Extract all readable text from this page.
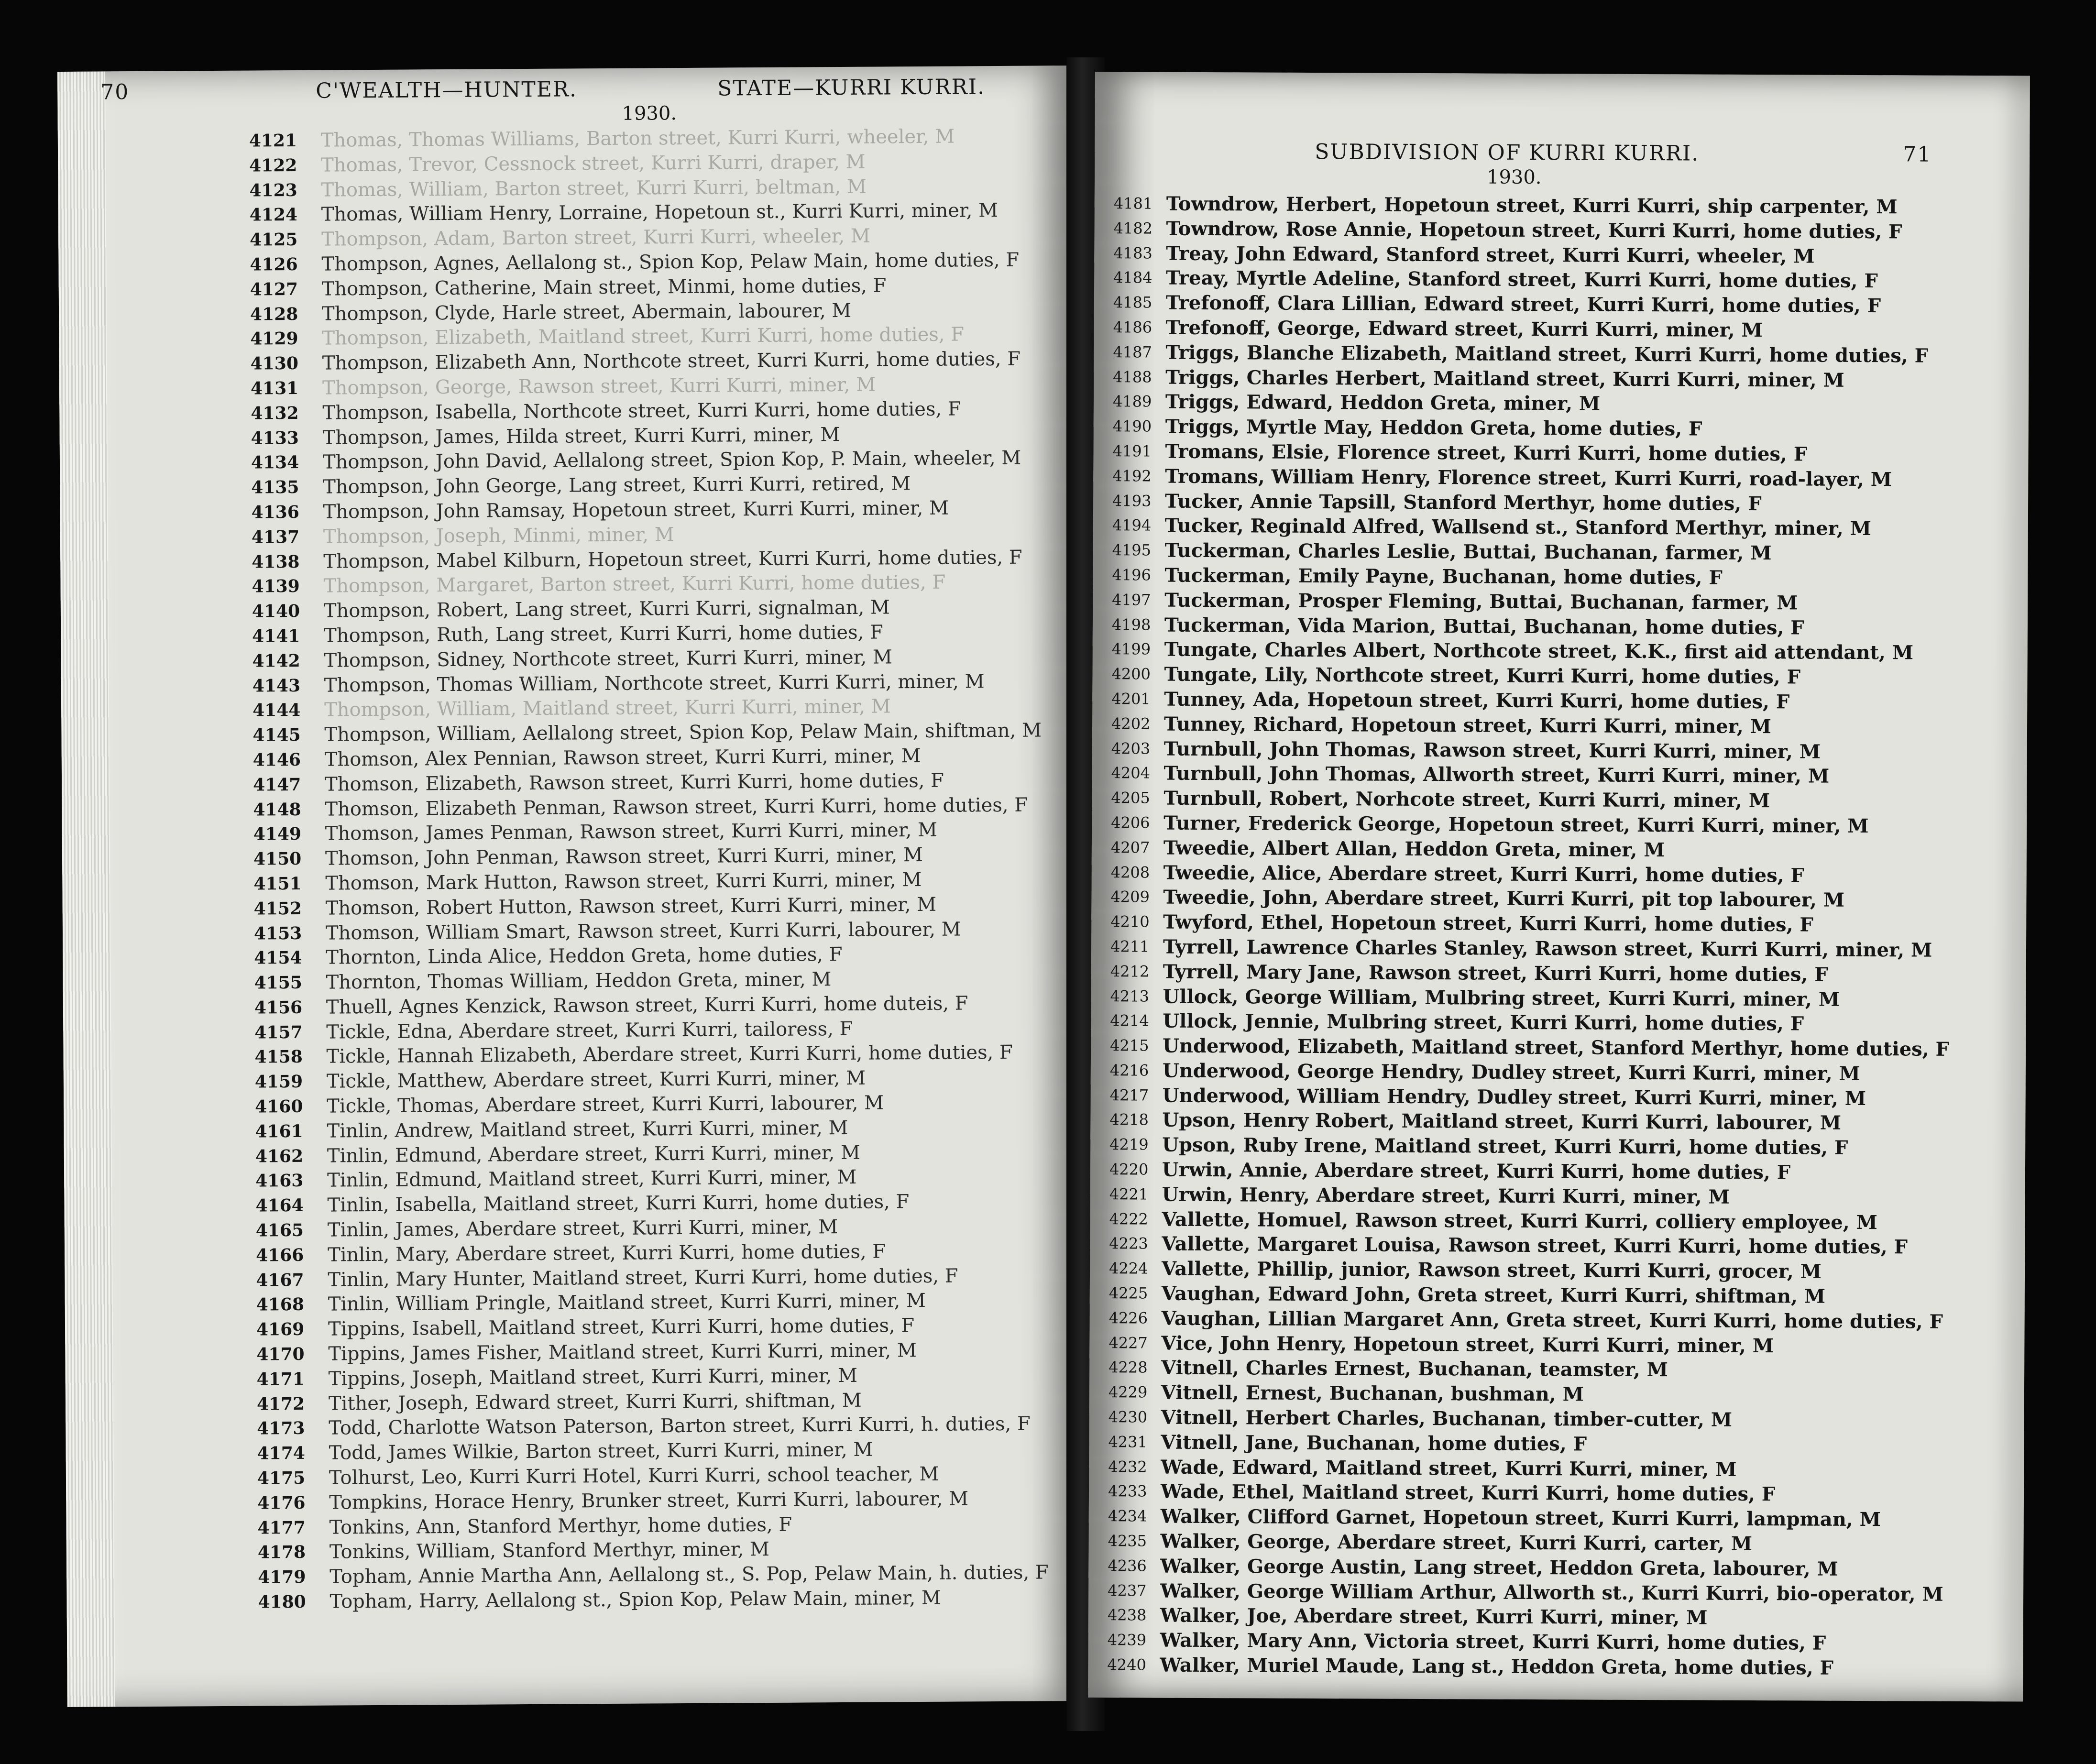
70	C'WEALTH—HUNTER.	STATE—KURRI KURRI.
1930.
4121	Thomas, Thomas Williams, Barton street, Kurri Kurri, wheeler, M
4122	Thomas, Trevor, Cessnock street, Kurri Kurri, draper, M
4123	Thomas, William, Barton street, Kurri Kurri, beltman, M
4124	Thomas, William Henry, Lorraine, Hopetoun st., Kurri Kurri, miner, M
4125	Thompson, Adam, Barton street, Kurri Kurri, wheeler, M
4126	Thompson, Agnes, Aellalong st., Spion Kop, Pelaw Main, home duties, F
4127	Thompson, Catherine, Main street, Minmi, home duties, F
4128	Thompson, Clyde, Harle street, Abermain, labourer, M
4129	Thompson, Elizabeth, Maitland street, Kurri Kurri, home duties, F
4130	Thompson, Elizabeth Ann, Northcote street, Kurri Kurri, home duties, F
4131	Thompson, George, Rawson street, Kurri Kurri, miner, M
4132	Thompson, Isabella, Northcote street, Kurri Kurri, home duties, F
4133	Thompson, James, Hilda street, Kurri Kurri, miner, M
4134	Thompson, John David, Aellalong street, Spion Kop, P. Main, wheeler, M
4135	Thompson, John George, Lang street, Kurri Kurri, retired, M
4136	Thompson, John Ramsay, Hopetoun street, Kurri Kurri, miner, M
4137	Thompson, Joseph, Minmi, miner, M
4138	Thompson, Mabel Kilburn, Hopetoun street, Kurri Kurri, home duties, F
4139	Thompson, Margaret, Barton street, Kurri Kurri, home duties, F
4140	Thompson, Robert, Lang street, Kurri Kurri, signalman, M
4141	Thompson, Ruth, Lang street, Kurri Kurri, home duties, F
4142	Thompson, Sidney, Northcote street, Kurri Kurri, miner, M
4143	Thompson, Thomas William, Northcote street, Kurri Kurri, miner, M
4144	Thompson, William, Maitland street, Kurri Kurri, miner, M
4145	Thompson, William, Aellalong street, Spion Kop, Pelaw Main, shiftman, M
4146	Thomson, Alex Pennian, Rawson street, Kurri Kurri, miner, M
4147	Thomson, Elizabeth, Rawson street, Kurri Kurri, home duties, F
4148	Thomson, Elizabeth Penman, Rawson street, Kurri Kurri, home duties, F
4149	Thomson, James Penman, Rawson street, Kurri Kurri, miner, M
4150	Thomson, John Penman, Rawson street, Kurri Kurri, miner, M
4151	Thomson, Mark Hutton, Rawson street, Kurri Kurri, miner, M
4152	Thomson, Robert Hutton, Rawson street, Kurri Kurri, miner, M
4153	Thomson, William Smart, Rawson street, Kurri Kurri, labourer, M
4154	Thornton, Linda Alice, Heddon Greta, home duties, F
4155	Thornton, Thomas William, Heddon Greta, miner, M
4156	Thuell, Agnes Kenzick, Rawson street, Kurri Kurri, home duteis, F
4157	Tickle, Edna, Aberdare street, Kurri Kurri, tailoress, F
4158	Tickle, Hannah Elizabeth, Aberdare street, Kurri Kurri, home duties, F
4159	Tickle, Matthew, Aberdare street, Kurri Kurri, miner, M
4160	Tickle, Thomas, Aberdare street, Kurri Kurri, labourer, M
4161	Tinlin, Andrew, Maitland street, Kurri Kurri, miner, M
4162	Tinlin, Edmund, Aberdare street, Kurri Kurri, miner, M
4163	Tinlin, Edmund, Maitland street, Kurri Kurri, miner, M
4164	Tinlin, Isabella, Maitland street, Kurri Kurri, home duties, F
4165	Tinlin, James, Aberdare street, Kurri Kurri, miner, M
4166	Tinlin, Mary, Aberdare street, Kurri Kurri, home duties, F
4167	Tinlin, Mary Hunter, Maitland street, Kurri Kurri, home duties, F
4168	Tinlin, William Pringle, Maitland street, Kurri Kurri, miner, M
4169	Tippins, Isabell, Maitland street, Kurri Kurri, home duties, F
4170	Tippins, James Fisher, Maitland street, Kurri Kurri, miner, M
4171	Tippins, Joseph, Maitland street, Kurri Kurri, miner, M
4172	Tither, Joseph, Edward street, Kurri Kurri, shiftman, M
4173	Todd, Charlotte Watson Paterson, Barton street, Kurri Kurri, h. duties, F
4174	Todd, James Wilkie, Barton street, Kurri Kurri, miner, M
4175	Tolhurst, Leo, Kurri Kurri Hotel, Kurri Kurri, school teacher, M
4176	Tompkins, Horace Henry, Brunker street, Kurri Kurri, labourer, M
4177	Tonkins, Ann, Stanford Merthyr, home duties, F
4178	Tonkins, William, Stanford Merthyr, miner, M
4179	Topham, Annie Martha Ann, Aellalong st., S. Pop, Pelaw Main, h. duties, F
4180	Topham, Harry, Aellalong st., Spion Kop, Pelaw Main, miner, M
SUBDIVISION OF KURRI KURRI.	71
1930.
4181 Towndrow, Herbert, Hopetoun street, Kurri Kurri, ship carpenter, M
4182 Towndrow, Rose Annie, Hopetoun street, Kurri Kurri, home duties, F
4183 Treay, John Edward, Stanford street, Kurri Kurri, wheeler, M
4184 Treay, Myrtle Adeline, Stanford street, Kurri Kurri, home duties, F
4185 Trefonoff, Clara Lillian, Edward street, Kurri Kurri, home duties, F
4186 Trefonoff, George, Edward street, Kurri Kurri, miner, M
4187 Triggs, Blanche Elizabeth, Maitland street, Kurri Kurri, home duties, F
4188 Triggs, Charles Herbert, Maitland street, Kurri Kurri, miner, M
4189 Triggs, Edward, Heddon Greta, miner, M
4190 Triggs, Myrtle May, Heddon Greta, home duties, F
4191 Tromans, Elsie, Florence street, Kurri Kurri, home duties, F
4192 Tromans, William Henry, Florence street, Kurri Kurri, road-layer, M
4193 Tucker, Annie Tapsill, Stanford Merthyr, home duties, F
4194 Tucker, Reginald Alfred, Wallsend st., Stanford Merthyr, miner, M
4195 Tuckerman, Charles Leslie, Buttai, Buchanan, farmer, M
4196 Tuckerman, Emily Payne, Buchanan, home duties, F
4197 Tuckerman, Prosper Fleming, Buttai, Buchanan, farmer, M
4198 Tuckerman, Vida Marion, Buttai, Buchanan, home duties, F
4199 Tungate, Charles Albert, Northcote street, K.K., first aid attendant, M
4200 Tungate, Lily, Northcote street, Kurri Kurri, home duties, F
4201 Tunney, Ada, Hopetoun street, Kurri Kurri, home duties, F
4202 Tunney, Richard, Hopetoun street, Kurri Kurri, miner, M
4203 Turnbull, John Thomas, Rawson street, Kurri Kurri, miner, M
4204 Turnbull, John Thomas, Allworth street, Kurri Kurri, miner, M
4205 Turnbull, Robert, Norhcote street, Kurri Kurri, miner, M
4206 Turner, Frederick George, Hopetoun street, Kurri Kurri, miner, M
4207 Tweedie, Albert Allan, Heddon Greta, miner, M
4208 Tweedie, Alice, Aberdare street, Kurri Kurri, home duties, F
4209 Tweedie, John, Aberdare street, Kurri Kurri, pit top labourer, M
4210 Twyford, Ethel, Hopetoun street, Kurri Kurri, home duties, F
4211 Tyrrell, Lawrence Charles Stanley, Rawson street, Kurri Kurri, miner, M
4212 Tyrrell, Mary Jane, Rawson street, Kurri Kurri, home duties, F
4213 Ullock, George William, Mulbring street, Kurri Kurri, miner, M
4214 Ullock, Jennie, Mulbring street, Kurri Kurri, home duties, F
4215 Underwood, Elizabeth, Maitland street, Stanford Merthyr, home duties, F
4216 Underwood, George Hendry, Dudley street, Kurri Kurri, miner, M
4217 Underwood, William Hendry, Dudley street, Kurri Kurri, miner, M
4218 Upson, Henry Robert, Maitland street, Kurri Kurri, labourer, M
4219 Upson, Ruby Irene, Maitland street, Kurri Kurri, home duties, F
4220 Urwin, Annie, Aberdare street, Kurri Kurri, home duties, F
4221 Urwin, Henry, Aberdare street, Kurri Kurri, miner, M
4222 Vallette, Homuel, Rawson street, Kurri Kurri, colliery employee, M
4223 Vallette, Margaret Louisa, Rawson street, Kurri Kurri, home duties, F
4224 Vallette, Phillip, junior, Rawson street, Kurri Kurri, grocer, M
4225 Vaughan, Edward John, Greta street, Kurri Kurri, shiftman, M
4226 Vaughan, Lillian Margaret Ann, Greta street, Kurri Kurri, home duties, F
4227 Vice, John Henry, Hopetoun street, Kurri Kurri, miner, M
4228 Vitnell, Charles Ernest, Buchanan, teamster, M
4229 Vitnell, Ernest, Buchanan, bushman, M
4230 Vitnell, Herbert Charles, Buchanan, timber-cutter, M
4231 Vitnell, Jane, Buchanan, home duties, F
4232 Wade, Edward, Maitland street, Kurri Kurri, miner, M
4233 Wade, Ethel, Maitland street, Kurri Kurri, home duties, F
4234 Walker, Clifford Garnet, Hopetoun street, Kurri Kurri, lampman, M
4235 Walker, George, Aberdare street, Kurri Kurri, carter, M
4236 Walker, George Austin, Lang street, Heddon Greta, labourer, M
4237 Walker, George William Arthur, Allworth st., Kurri Kurri, bio-operator, M
4238 Walker, Joe, Aberdare street, Kurri Kurri, miner, M
4239 Walker, Mary Ann, Victoria street, Kurri Kurri, home duties, F
4240 Walker, Muriel Maude, Lang st., Heddon Greta, home duties, F
